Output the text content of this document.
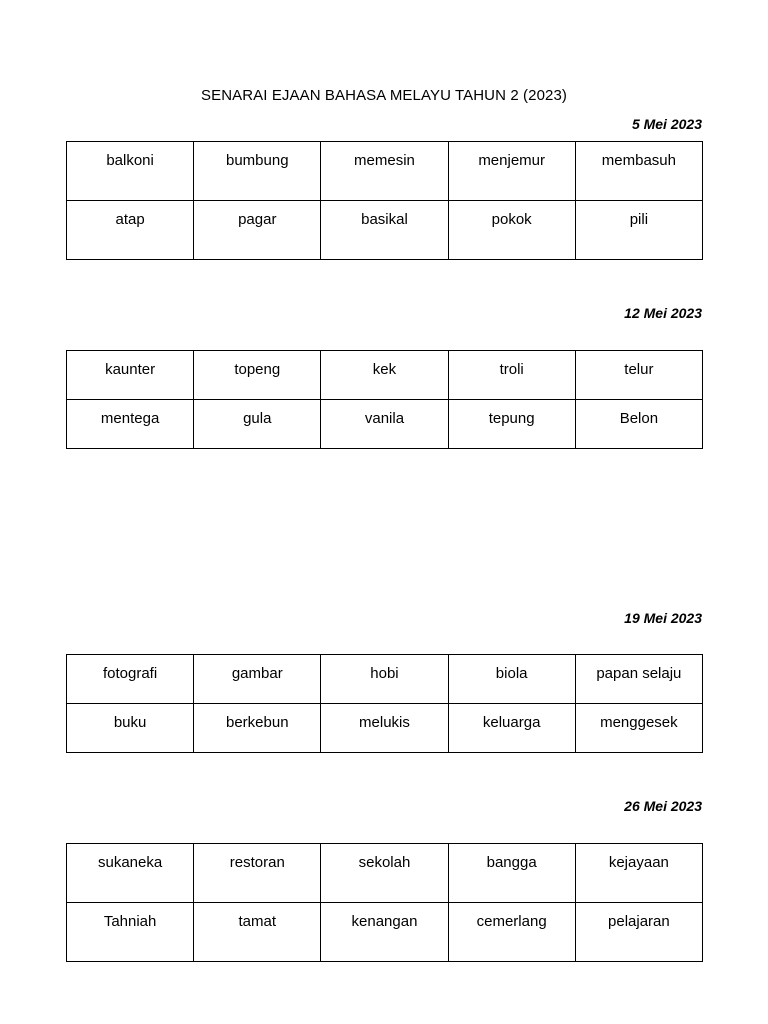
SENARAI EJAAN BAHASA MELAYU TAHUN 2 (2023)
5 Mei 2023
balkoni	bumbung	memesin	menjemur	membasuh
atap	pagar	basikal	pokok	pili
12 Mei 2023
kaunter	topeng	kek	troli	telur
mentega	gula	vanila	tepung	Belon
19 Mei 2023
fotografi	gambar	hobi	biola	papan selaju
buku	berkebun	melukis	keluarga	menggesek
26 Mei 2023
sukaneka	restoran	sekolah	bangga	kejayaan
Tahniah	tamat	kenangan	cemerlang	pelajaran
